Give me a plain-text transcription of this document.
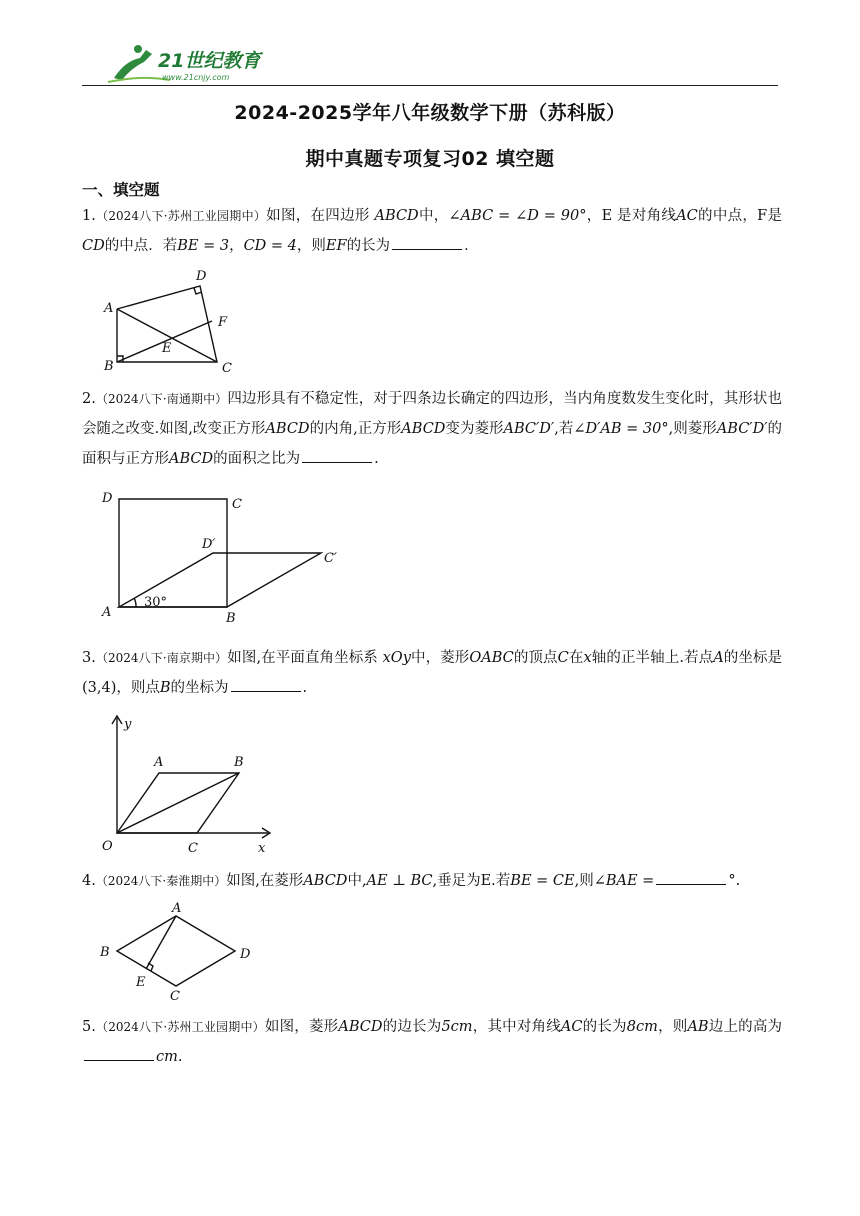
21世纪教育
www.21cnjy.com
2024-2025学年八年级数学下册（苏科版）
期中真题专项复习02 填空题
一、填空题
1.（2024八下·苏州工业园期中）如图，在四边形 ABCD中，∠ABC = ∠D = 90°，E 是对角线AC的中点，F是CD的中点．若BE = 3，CD = 4，则EF的长为	．
A
B	C
D
E
F
2.（2024八下·南通期中）四边形具有不稳定性，对于四条边长确定的四边形，当内角度数发生变化时，其形状也会随之改变.如图,改变正方形ABCD的内角,正方形ABCD变为菱形ABC′D′,若∠D′AB = 30°,则菱形ABC′D′的面积与正方形ABCD的面积之比为	.
D	C
D′
C′
A	B
30°
3.（2024八下·南京期中）如图,在平面直角坐标系 xOy中，菱形OABC的顶点C在x轴的正半轴上.若点A的坐标是(3,4)，则点B的坐标为	.
y
A	B
O	C	x
4.（2024八下·秦淮期中）如图,在菱形ABCD中,AE ⊥ BC,垂足为E.若BE = CE,则∠BAE =	°.
A
B	D
E
C
5.（2024八下·苏州工业园期中）如图，菱形ABCD的边长为5cm，其中对角线AC的长为8cm，则AB边上的高为cm.
